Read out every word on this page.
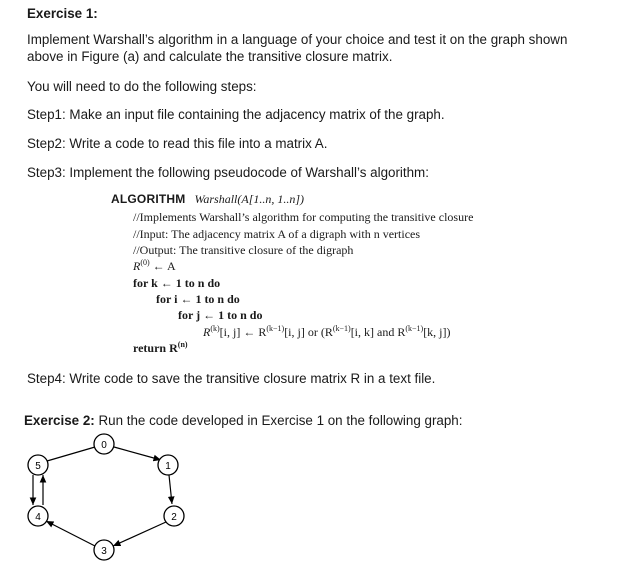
Exercise 1:
Implement Warshall’s algorithm in a language of your choice and test it on the graph shown
above in Figure (a) and calculate the transitive closure matrix.
You will need to do the following steps:
Step1: Make an input file containing the adjacency matrix of the graph.
Step2: Write a code to read this file into a matrix A.
Step3: Implement the following pseudocode of Warshall’s algorithm:
ALGORITHM Warshall(A[1..n, 1..n])
//Implements Warshall’s algorithm for computing the transitive closure
//Input: The adjacency matrix A of a digraph with n vertices
//Output: The transitive closure of the digraph
$R^{(0)}$ ← A
for k ← 1 to n do
for i ← 1 to n do
for j ← 1 to n do
$R^{(k)}[i$, j] ← $R^{(k-1)}[i$, j] or ($R^{(k-1)}[i$, k] and $R^{(k-1)}[k$, j])
return $R^{(n)}$
Step4: Write code to save the transitive closure matrix R in a text file.
Exercise 2: Run the code developed in Exercise 1 on the following graph:
0
1
2
3
4
5
